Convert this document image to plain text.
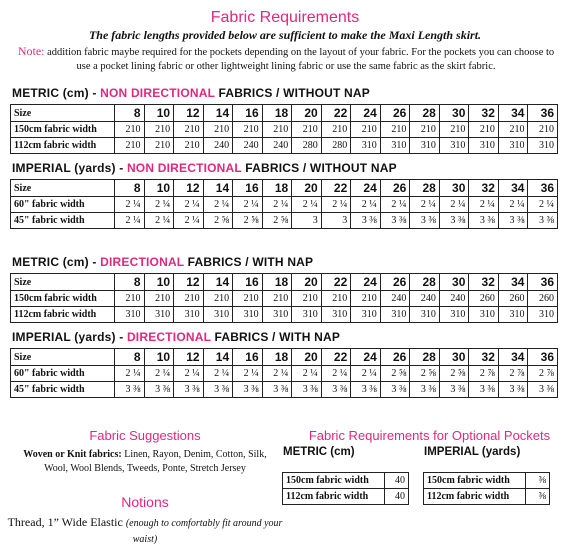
Fabric Requirements
The fabric lengths provided below are sufficient to make the Maxi Length skirt.
Note: addition fabric maybe required for the pockets depending on the layout of your fabric. For the pockets you can choose to use a pocket lining fabric or other lightweight lining fabric or use the same fabric as the skirt fabric.
METRIC (cm) - NON DIRECTIONAL FABRICS / WITHOUT NAP
Size	8	10	12	14	16	18	20	22	24	26	28	30	32	34	36
150cm fabric width	210	210	210	210	210	210	210	210	210	210	210	210	210	210	210
112cm fabric width	210	210	210	240	240	240	280	280	310	310	310	310	310	310	310
IMPERIAL (yards) - NON DIRECTIONAL FABRICS / WITHOUT NAP
Size	8	10	12	14	16	18	20	22	24	26	28	30	32	34	36
60" fabric width	2 ¼	2 ¼	2 ¼	2 ¼	2 ¼	2 ¼	2 ¼	2 ¼	2 ¼	2 ¼	2 ¼	2 ¼	2 ¼	2 ¼	2 ¼
45" fabric width	2 ¼	2 ¼	2 ¼	2 ⅝	2 ⅝	2 ⅝	3	3	3 ⅜	3 ⅜	3 ⅜	3 ⅜	3 ⅜	3 ⅜	3 ⅜
METRIC (cm) - DIRECTIONAL FABRICS / WITH NAP
Size	8	10	12	14	16	18	20	22	24	26	28	30	32	34	36
150cm fabric width	210	210	210	210	210	210	210	210	210	240	240	240	260	260	260
112cm fabric width	310	310	310	310	310	310	310	310	310	310	310	310	310	310	310
IMPERIAL (yards) - DIRECTIONAL FABRICS / WITH NAP
Size	8	10	12	14	16	18	20	22	24	26	28	30	32	34	36
60" fabric width	2 ¼	2 ¼	2 ¼	2 ¼	2 ¼	2 ¼	2 ¼	2 ¼	2 ¼	2 ⅝	2 ⅝	2 ⅝	2 ⅞	2 ⅞	2 ⅞
45" fabric width	3 ⅜	3 ⅜	3 ⅜	3 ⅜	3 ⅜	3 ⅜	3 ⅜	3 ⅜	3 ⅜	3 ⅜	3 ⅜	3 ⅜	3 ⅜	3 ⅜	3 ⅜
Fabric Suggestions
Woven or Knit fabrics: Linen, Rayon, Denim, Cotton, Silk, Wool, Wool Blends, Tweeds, Ponte, Stretch Jersey
Notions
Thread, 1” Wide Elastic (enough to comfortably fit around your waist)
Fabric Requirements for Optional Pockets
METRIC (cm)	IMPERIAL (yards)
150cm fabric width	40
112cm fabric width	40
150cm fabric width	⅜
112cm fabric width	⅜
